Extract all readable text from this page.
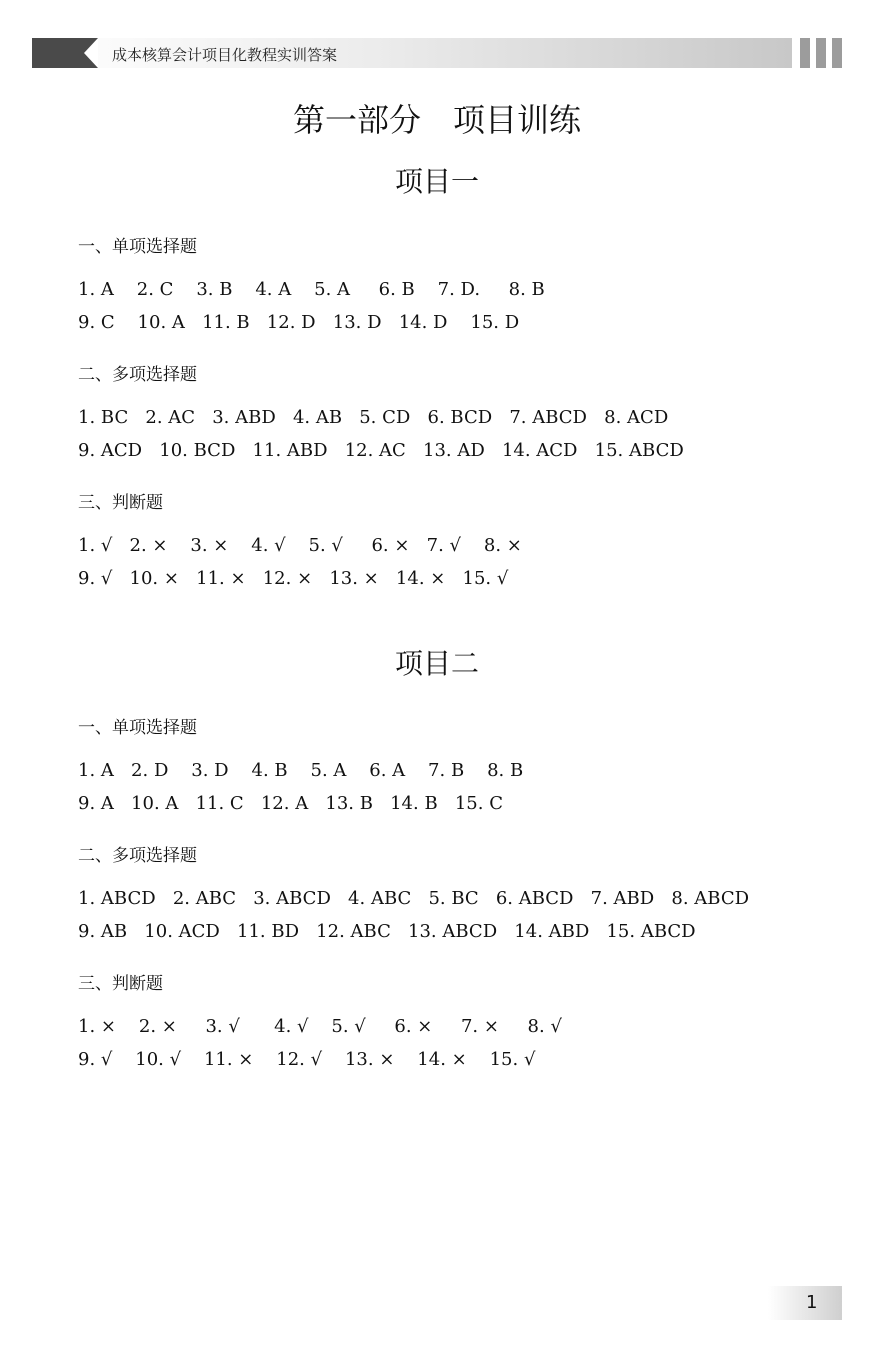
成本核算会计项目化教程实训答案
第一部分　项目训练
项目一
一、单项选择题
1. A    2. C    3. B    4. A    5. A     6. B    7. D.     8. B
9. C    10. A   11. B   12. D   13. D   14. D    15. D
二、多项选择题
1. BC   2. AC   3. ABD   4. AB   5. CD   6. BCD   7. ABCD   8. ACD
9. ACD   10. BCD   11. ABD   12. AC   13. AD   14. ACD   15. ABCD
三、判断题
1. √   2. ×    3. ×    4. √    5. √     6. ×   7. √    8. ×
9. √   10. ×   11. ×   12. ×   13. ×   14. ×   15. √
项目二
一、单项选择题
1. A   2. D    3. D    4. B    5. A    6. A    7. B    8. B
9. A   10. A   11. C   12. A   13. B   14. B   15. C
二、多项选择题
1. ABCD   2. ABC   3. ABCD   4. ABC   5. BC   6. ABCD   7. ABD   8. ABCD
9. AB   10. ACD   11. BD   12. ABC   13. ABCD   14. ABD   15. ABCD
三、判断题
1. ×    2. ×     3. √      4. √    5. √     6. ×     7. ×     8. √
9. √    10. √    11. ×    12. √    13. ×    14. ×    15. √
1
